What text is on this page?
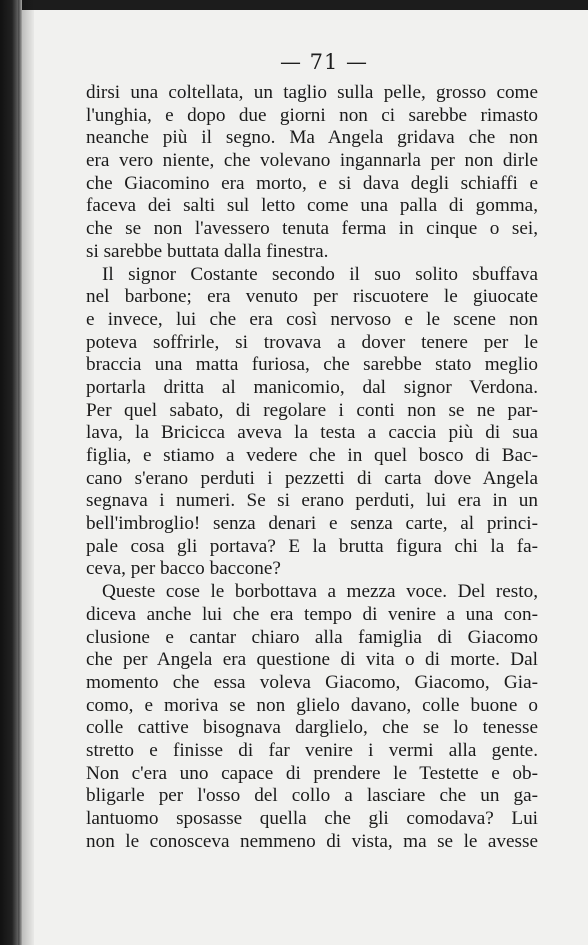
— 71 —
dirsi una coltellata, un taglio sulla pelle, grosso come
l'unghia, e dopo due giorni non ci sarebbe rimasto
neanche più il segno. Ma Angela gridava che non
era vero niente, che volevano ingannarla per non dirle
che Giacomino era morto, e si dava degli schiaffi e
faceva dei salti sul letto come una palla di gomma,
che se non l'avessero tenuta ferma in cinque o sei,
si sarebbe buttata dalla finestra.
Il signor Costante secondo il suo solito sbuffava
nel barbone; era venuto per riscuotere le giuocate
e invece, lui che era così nervoso e le scene non
poteva soffrirle, si trovava a dover tenere per le
braccia una matta furiosa, che sarebbe stato meglio
portarla dritta al manicomio, dal signor Verdona.
Per quel sabato, di regolare i conti non se ne par-
lava, la Bricicca aveva la testa a caccia più di sua
figlia, e stiamo a vedere che in quel bosco di Bac-
cano s'erano perduti i pezzetti di carta dove Angela
segnava i numeri. Se si erano perduti, lui era in un
bell'imbroglio! senza denari e senza carte, al princi-
pale cosa gli portava? E la brutta figura chi la fa-
ceva, per bacco baccone?
Queste cose le borbottava a mezza voce. Del resto,
diceva anche lui che era tempo di venire a una con-
clusione e cantar chiaro alla famiglia di Giacomo
che per Angela era questione di vita o di morte. Dal
momento che essa voleva Giacomo, Giacomo, Gia-
como, e moriva se non glielo davano, colle buone o
colle cattive bisognava darglielo, che se lo tenesse
stretto e finisse di far venire i vermi alla gente.
Non c'era uno capace di prendere le Testette e ob-
bligarle per l'osso del collo a lasciare che un ga-
lantuomo sposasse quella che gli comodava? Lui
non le conosceva nemmeno di vista, ma se le avesse
